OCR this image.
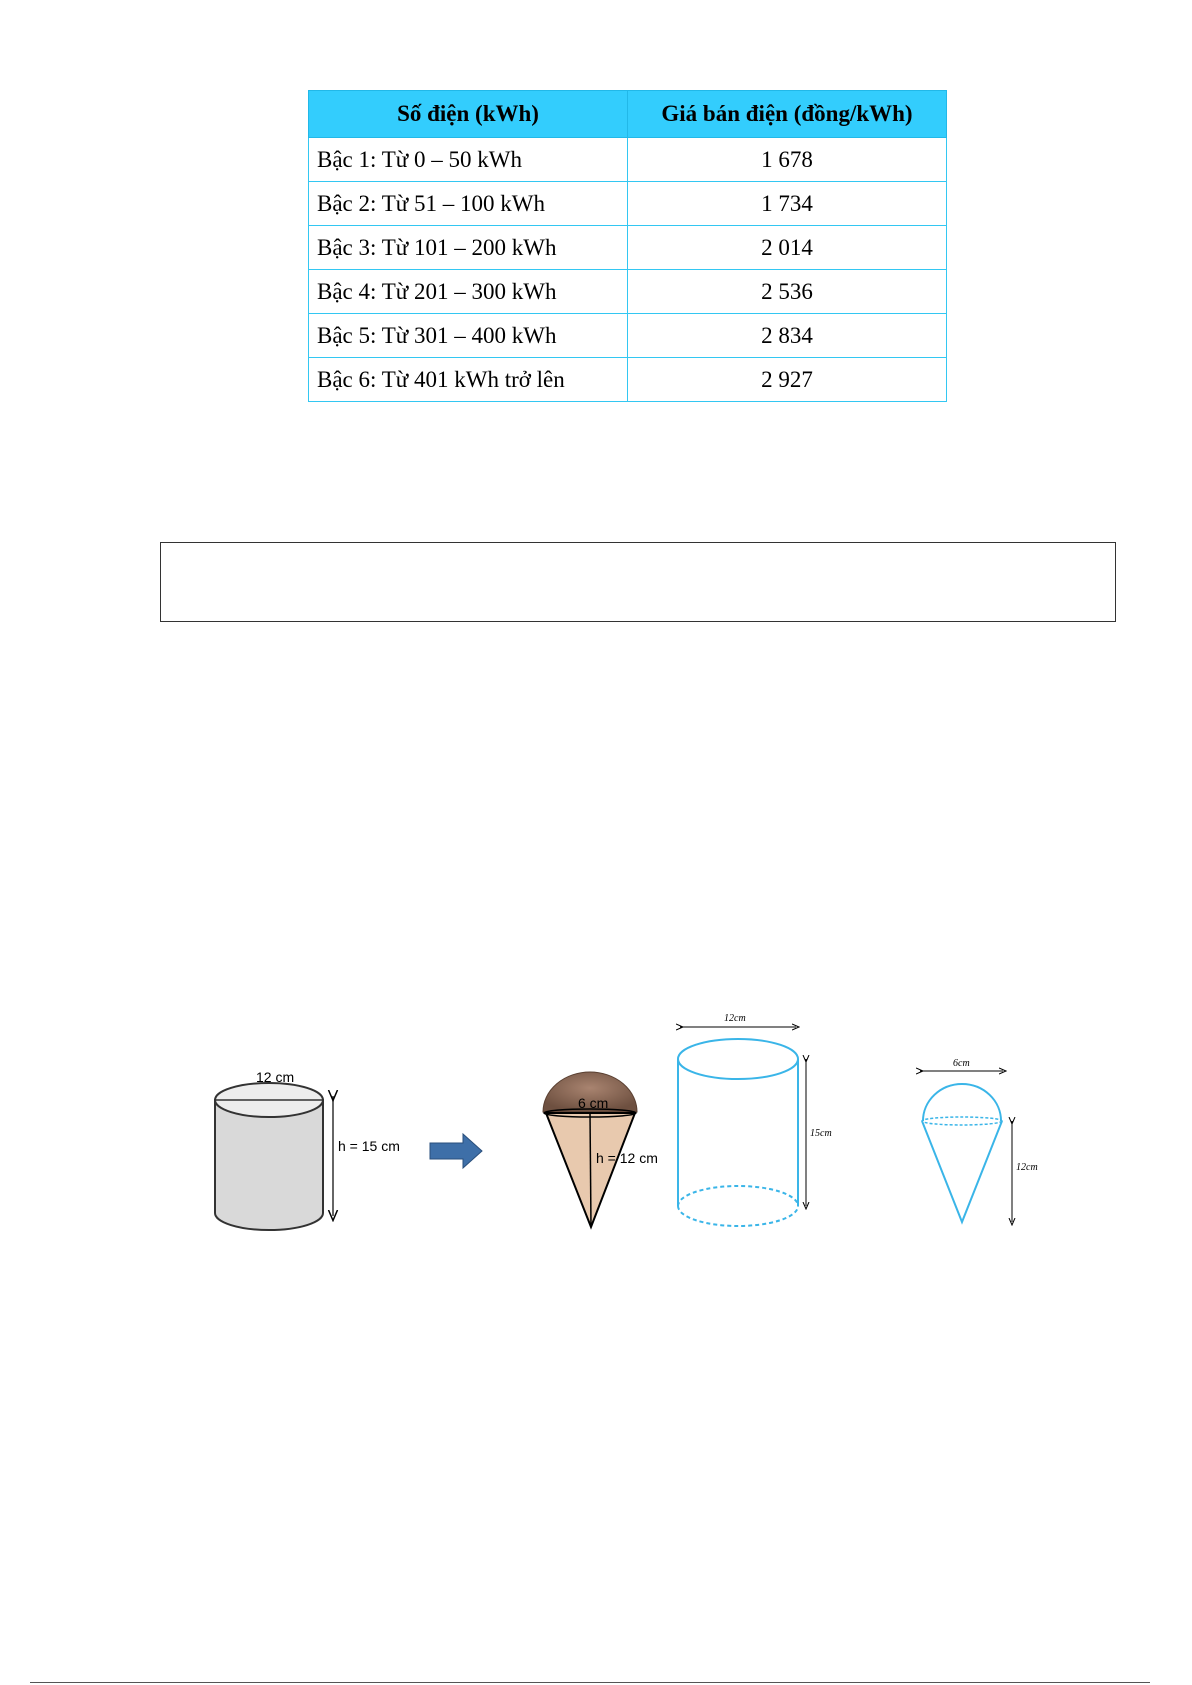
Số điện (kWh)	Giá bán điện (đồng/kWh)
Bậc 1: Từ 0 – 50 kWh	1 678
Bậc 2: Từ 51 – 100 kWh	1 734
Bậc 3: Từ 101 – 200 kWh	2 014
Bậc 4: Từ 201 – 300 kWh	2 536
Bậc 5: Từ 301 – 400 kWh	2 834
Bậc 6: Từ 401 kWh trở lên	2 927
12 cm
h = 15 cm
6 cm
h = 12 cm
12cm
15cm
6cm
12cm
